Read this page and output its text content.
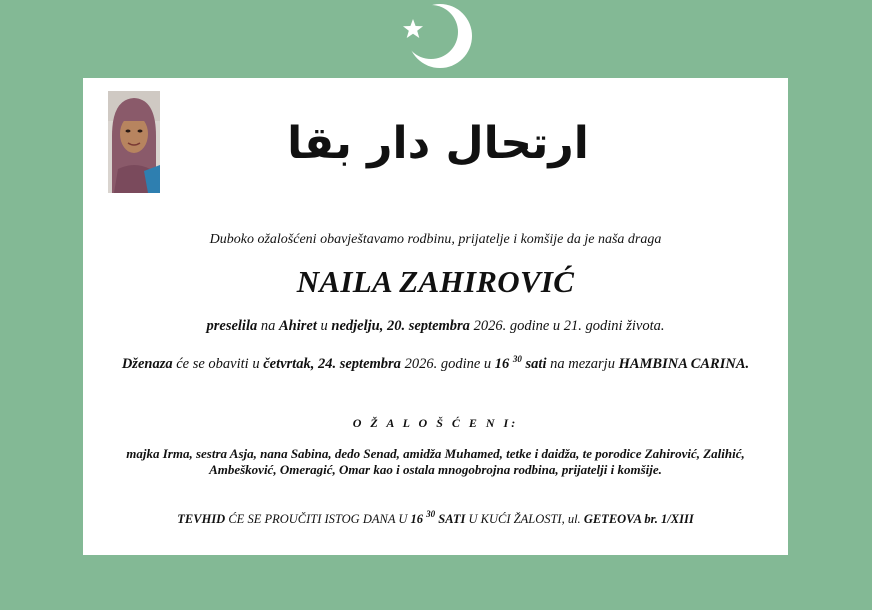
ارتحال دار بقا
Duboko ožalošćeni obavještavamo rodbinu, prijatelje i komšije da je naša draga
NAILA ZAHIROVIĆ
preselila na Ahiret u nedjelju, 20. septembra 2026. godine u 21. godini života.
Dženaza će se obaviti u četvrtak, 24. septembra 2026. godine u 16 $^{30}$ sati na mezarju HAMBINA CARINA.
O Ž A L O Š Ć E N I:
majka Irma, sestra Asja, nana Sabina, dedo Senad, amidža Muhamed, tetke i daidža, te porodice Zahirović, Zalihić, Ambešković, Omeragić, Omar kao i ostala mnogobrojna rodbina, prijatelji i komšije.
TEVHID ĆE SE PROUČITI ISTOG DANA U 16 $^{30}$ SATI U KUĆI ŽALOSTI, ul. GETEOVA br. 1/XIII
